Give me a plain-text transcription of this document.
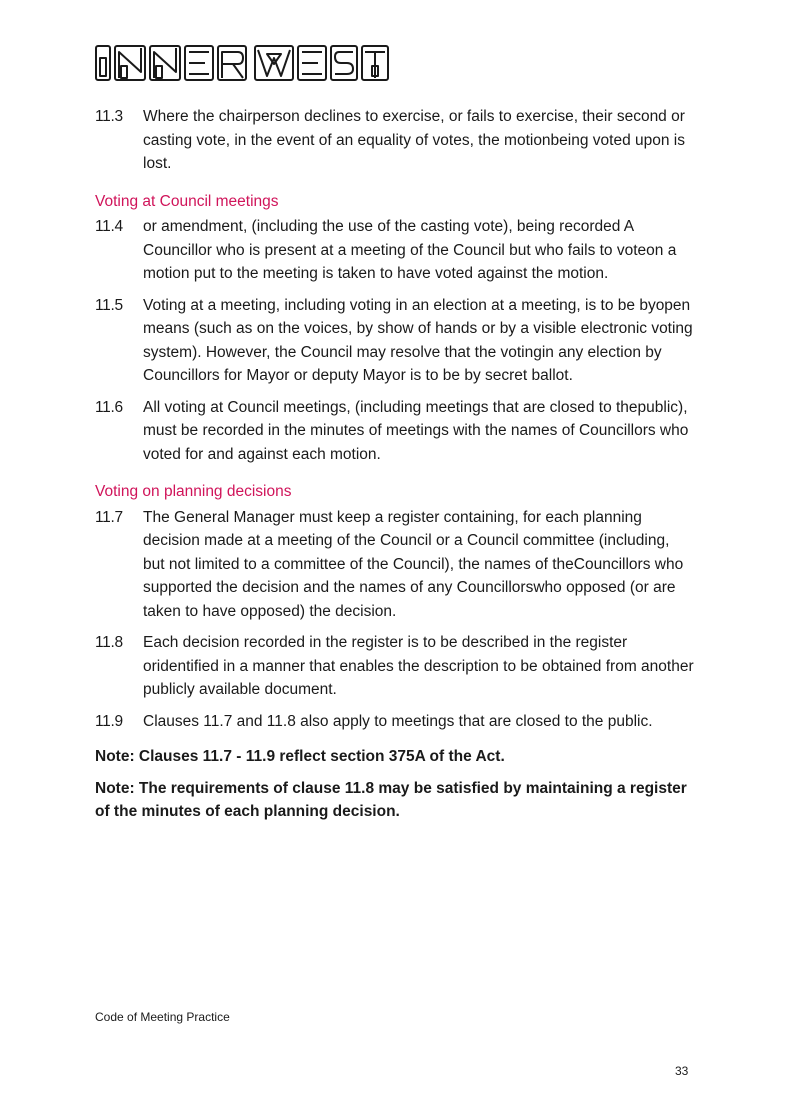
11.3	Where the chairperson declines to exercise, or fails to exercise, their second or casting vote, in the event of an equality of votes, the motionbeing voted upon is lost.
Voting at Council meetings
11.4	or amendment, (including the use of the casting vote), being recorded A Councillor who is present at a meeting of the Council but who fails to voteon a motion put to the meeting is taken to have voted against the motion.
11.5	Voting at a meeting, including voting in an election at a meeting, is to be byopen means (such as on the voices, by show of hands or by a visible electronic voting system). However, the Council may resolve that the votingin any election by Councillors for Mayor or deputy Mayor is to be by secret ballot.
11.6	All voting at Council meetings, (including meetings that are closed to thepublic), must be recorded in the minutes of meetings with the names of Councillors who voted for and against each motion.
Voting on planning decisions
11.7	The General Manager must keep a register containing, for each planning decision made at a meeting of the Council or a Council committee (including, but not limited to a committee of the Council), the names of theCouncillors who supported the decision and the names of any Councillorswho opposed (or are taken to have opposed) the decision.
11.8	Each decision recorded in the register is to be described in the register oridentified in a manner that enables the description to be obtained from another publicly available document.
11.9	Clauses 11.7 and 11.8 also apply to meetings that are closed to the public.
Note: Clauses 11.7 - 11.9 reflect section 375A of the Act.
Note: The requirements of clause 11.8 may be satisfied by maintaining a register of the minutes of each planning decision.
Code of Meeting Practice
33
